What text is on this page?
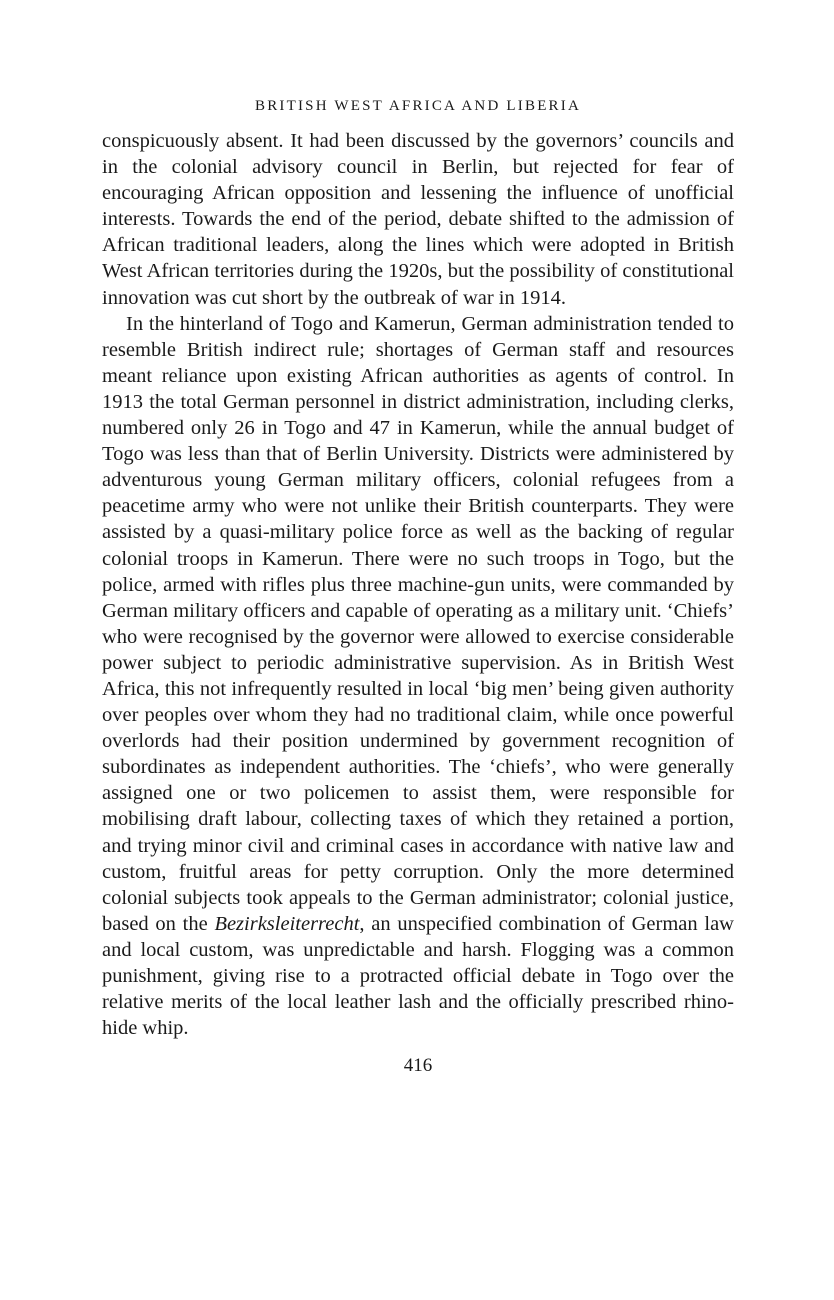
BRITISH WEST AFRICA AND LIBERIA

conspicuously absent. It had been discussed by the governors’ councils and in the colonial advisory council in Berlin, but rejected for fear of encouraging African opposition and lessening the influence of unofficial interests. Towards the end of the period, debate shifted to the admission of African traditional leaders, along the lines which were adopted in British West African territories during the 1920s, but the possibility of constitutional innovation was cut short by the outbreak of war in 1914.

In the hinterland of Togo and Kamerun, German administration tended to resemble British indirect rule; shortages of German staff and resources meant reliance upon existing African authorities as agents of control. In 1913 the total German personnel in district administration, including clerks, numbered only 26 in Togo and 47 in Kamerun, while the annual budget of Togo was less than that of Berlin University. Districts were administered by adventurous young German military officers, colonial refugees from a peacetime army who were not unlike their British counterparts. They were assisted by a quasi-military police force as well as the backing of regular colonial troops in Kamerun. There were no such troops in Togo, but the police, armed with rifles plus three machine-gun units, were commanded by German military officers and capable of operating as a military unit. ‘Chiefs’ who were recognised by the governor were allowed to exercise considerable power subject to periodic administrative supervision. As in British West Africa, this not infrequently resulted in local ‘big men’ being given authority over peoples over whom they had no traditional claim, while once powerful overlords had their position undermined by government recognition of subordinates as independent authorities. The ‘chiefs’, who were generally assigned one or two policemen to assist them, were responsible for mobilising draft labour, collecting taxes of which they retained a portion, and trying minor civil and criminal cases in accordance with native law and custom, fruitful areas for petty corruption. Only the more determined colonial subjects took appeals to the German administrator; colonial justice, based on the Bezirksleiterrecht, an unspecified combination of German law and local custom, was unpredictable and harsh. Flogging was a common punishment, giving rise to a protracted official debate in Togo over the relative merits of the local leather lash and the officially prescribed rhino-hide whip.

416
